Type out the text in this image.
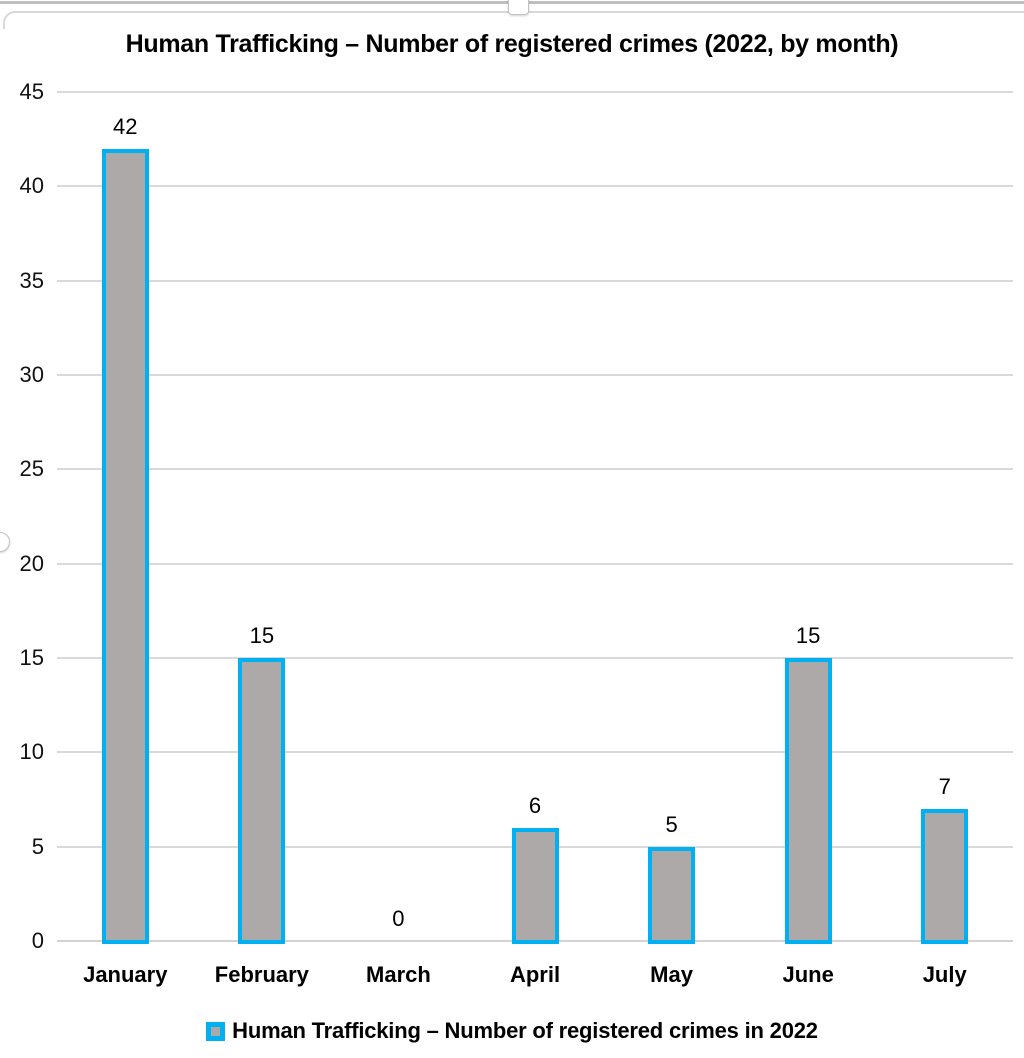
Human Trafficking – Number of registered crimes (2022, by month)
0
5
10
15
20
25
30
35
40
45
42
January
15
February
0
March
6
April
5
May
15
June
7
July
Human Trafficking – Number of registered crimes in 2022
